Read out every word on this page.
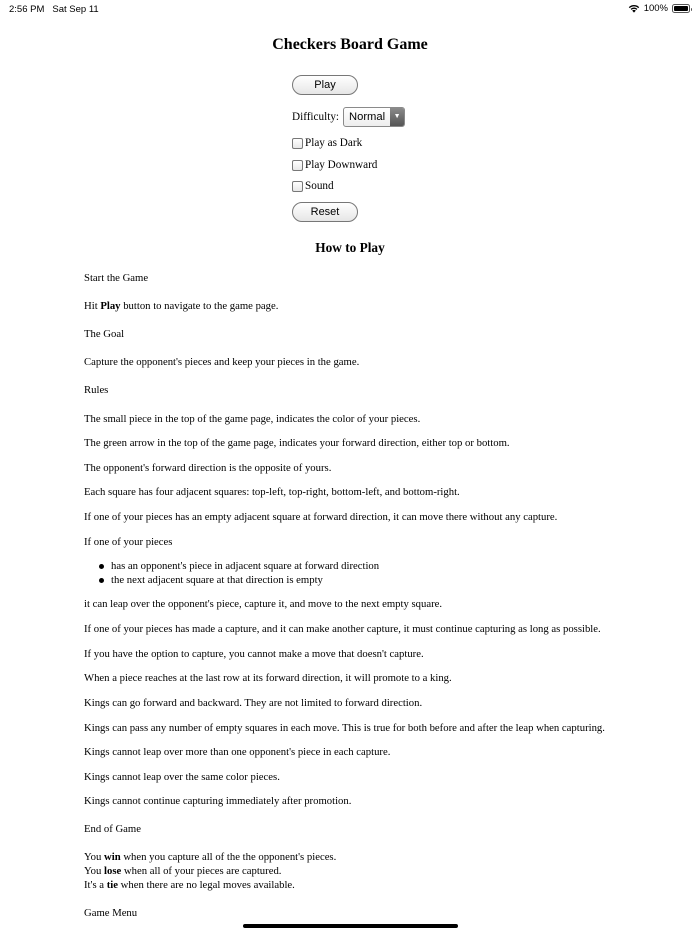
2:56 PM Sat Sep 11	100%
Checkers Board Game
Play
Difficulty: Normal	▼
Play as Dark
Play Downward
Sound
Reset
How to Play
Start the Game
Hit Play button to navigate to the game page.
The Goal
Capture the opponent's pieces and keep your pieces in the game.
Rules
The small piece in the top of the game page, indicates the color of your pieces.
The green arrow in the top of the game page, indicates your forward direction, either top or bottom.
The opponent's forward direction is the opposite of yours.
Each square has four adjacent squares: top-left, top-right, bottom-left, and bottom-right.
If one of your pieces has an empty adjacent square at forward direction, it can move there without any capture.
If one of your pieces
has an opponent's piece in adjacent square at forward direction
the next adjacent square at that direction is empty
it can leap over the opponent's piece, capture it, and move to the next empty square.
If one of your pieces has made a capture, and it can make another capture, it must continue capturing as long as possible.
If you have the option to capture, you cannot make a move that doesn't capture.
When a piece reaches at the last row at its forward direction, it will promote to a king.
Kings can go forward and backward. They are not limited to forward direction.
Kings can pass any number of empty squares in each move. This is true for both before and after the leap when capturing.
Kings cannot leap over more than one opponent's piece in each capture.
Kings cannot leap over the same color pieces.
Kings cannot continue capturing immediately after promotion.
End of Game
You win when you capture all of the the opponent's pieces.
You lose when all of your pieces are captured.
It's a tie when there are no legal moves available.
Game Menu
